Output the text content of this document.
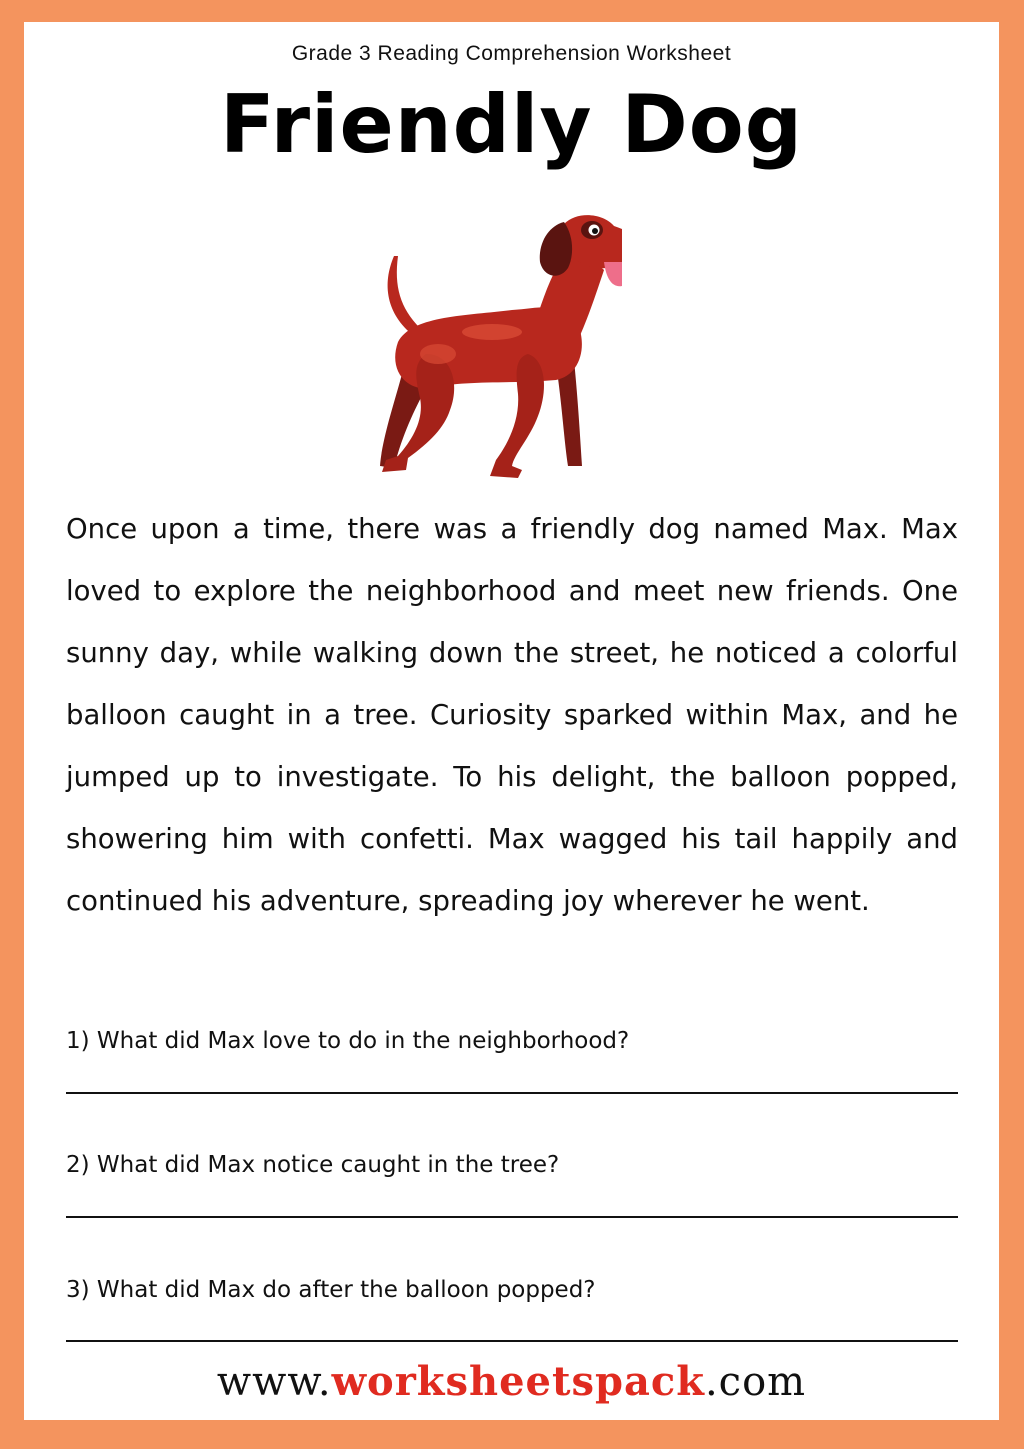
Grade 3 Reading Comprehension Worksheet
Friendly Dog

Once upon a time, there was a friendly dog named Max. Max loved to explore the neighborhood and meet new friends. One sunny day, while walking down the street, he noticed a colorful balloon caught in a tree. Curiosity sparked within Max, and he jumped up to investigate. To his delight, the balloon popped, showering him with confetti. Max wagged his tail happily and continued his adventure, spreading joy wherever he went.

1) What did Max love to do in the neighborhood?
2) What did Max notice caught in the tree?
3) What did Max do after the balloon popped?
www.worksheetspack.com
